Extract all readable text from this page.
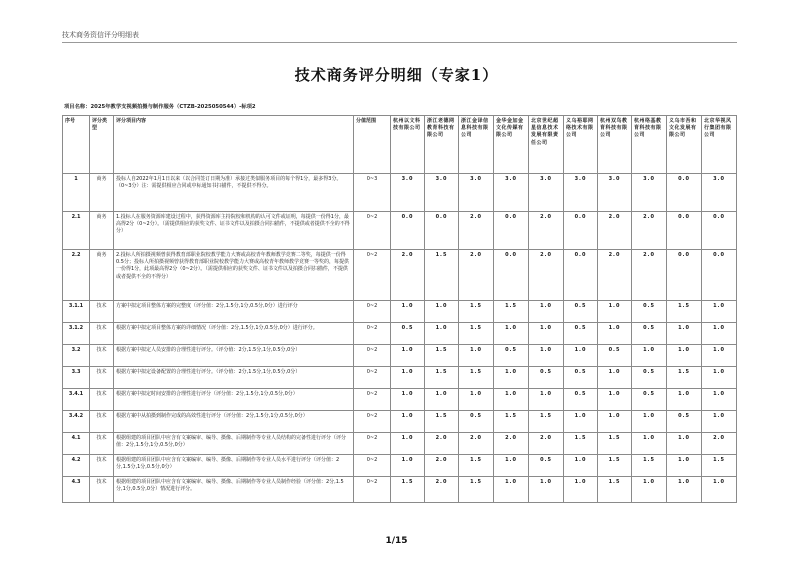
技术商务资信评分明细表
技术商务评分明细（专家1）
项目名称：2025年教学支视频拍摄与制作服务（CTZB-2025050544）-标项2
序号	评分类型	评分项目内容	分值范围	杭州以文科技有限公司	浙江老德网教育科技有限公司	浙江金译信息科技有限公司	金华金加金文化传媒有限公司	北京世纪超星信息技术发展有限责任公司	义乌裕耶网络技术有限公司	杭州双鸟教育科技有限公司	杭州络基教育科技有限公司	义乌市吾和文化发展有限公司	北京华视风行集团有限公司
1	商务	投标人自2022年1月1日以来（以合同签订日期为准）承接过类似服务项目的每个得1分，最多得3分。（0~3分）注：需提供相应合同或中标通知书扫描件，不提供不得分。	0~3	3.0	3.0	3.0	3.0	3.0	3.0	3.0	3.0	0.0	3.0
2.1	商务	1.投标人在服务资源库建设过程中，获得资源库主持院校和机构的认可文件或证明，每提供一份得1分，最高得2分（0~2分）。（需提供相应的获奖文件、证书文件以及拍摄合同扫描件，不提供或者提供不全的不得分）	0~2	0.0	0.0	2.0	0.0	2.0	0.0	2.0	2.0	0.0	0.0
2.2	商务	2.投标人所拍摄视频曾获得教育部职业院校教学能力大赛或高校青年教师教学竞赛二等奖，每提供一份得0.5分；投标人所拍摄视频曾获得教育部职业院校教学能力大赛或高校青年教师教学竞赛一等奖的，每提供一份得1分，此项最高得2分（0~2分）。（需提供相应的获奖文件、证书文件以及拍摄合同扫描件，不提供或者提供不全的不得分）	0~2	2.0	1.5	2.0	0.0	2.0	0.0	2.0	2.0	0.0	0.0
3.1.1	技术	方案中拟定项目整体方案的完整度（评分值：2分,1.5分,1分,0.5分,0分）进行评分	0~2	1.0	1.0	1.5	1.5	1.0	0.5	1.0	0.5	1.5	1.0
3.1.2	技术	根据方案中拟定项目整体方案的详细情况（评分值：2分,1.5分,1分,0.5分,0分）进行评分。	0~2	0.5	1.0	1.5	1.0	1.0	0.5	1.0	0.5	1.0	1.0
3.2	技术	根据方案中拟定人员安排的合理性进行评分。（评分值：2分,1.5分,1分,0.5分,0分）	0~2	1.0	1.5	1.0	0.5	1.0	1.0	0.5	1.0	1.0	1.0
3.3	技术	根据方案中拟定设备配置的合理性进行评分。（评分值：2分,1.5分,1分,0.5分,0分）	0~2	1.0	1.5	1.5	1.0	0.5	0.5	1.0	0.5	1.5	1.0
3.4.1	技术	根据方案中拟定时间安排的合理性进行评分（评分值：2分,1.5分,1分,0.5分,0分）	0~2	1.0	1.0	1.0	1.0	1.0	0.5	1.0	0.5	1.0	1.0
3.4.2	技术	根据方案中从拍摄到制作完成的高效性进行评分（评分值：2分,1.5分,1分,0.5分,0分）	0~2	1.0	1.5	0.5	1.5	1.5	1.0	1.0	1.0	0.5	1.0
4.1	技术	根据组建的项目团队中应含有文案编审、编导、摄像、后期制作等专业人员结构的完备性进行评分（评分值：2分,1.5分,1分,0.5分,0分）	0~2	1.0	2.0	2.0	2.0	2.0	1.5	1.5	1.0	1.0	2.0
4.2	技术	根据组建的项目团队中应含有文案编审、编导、摄像、后期制作等专业人员水平进行评分（评分值：2分,1.5分,1分,0.5分,0分）	0~2	1.0	2.0	1.5	1.0	0.5	1.0	1.5	1.5	1.0	1.5
4.3	技术	根据组建的项目团队中应含有文案编审、编导、摄像、后期制作等专业人员制作经验（评分值：2分,1.5分,1分,0.5分,0分）情况进行评分。	0~2	1.5	2.0	1.5	1.0	1.0	1.0	1.5	1.0	1.0	1.0
1/15
